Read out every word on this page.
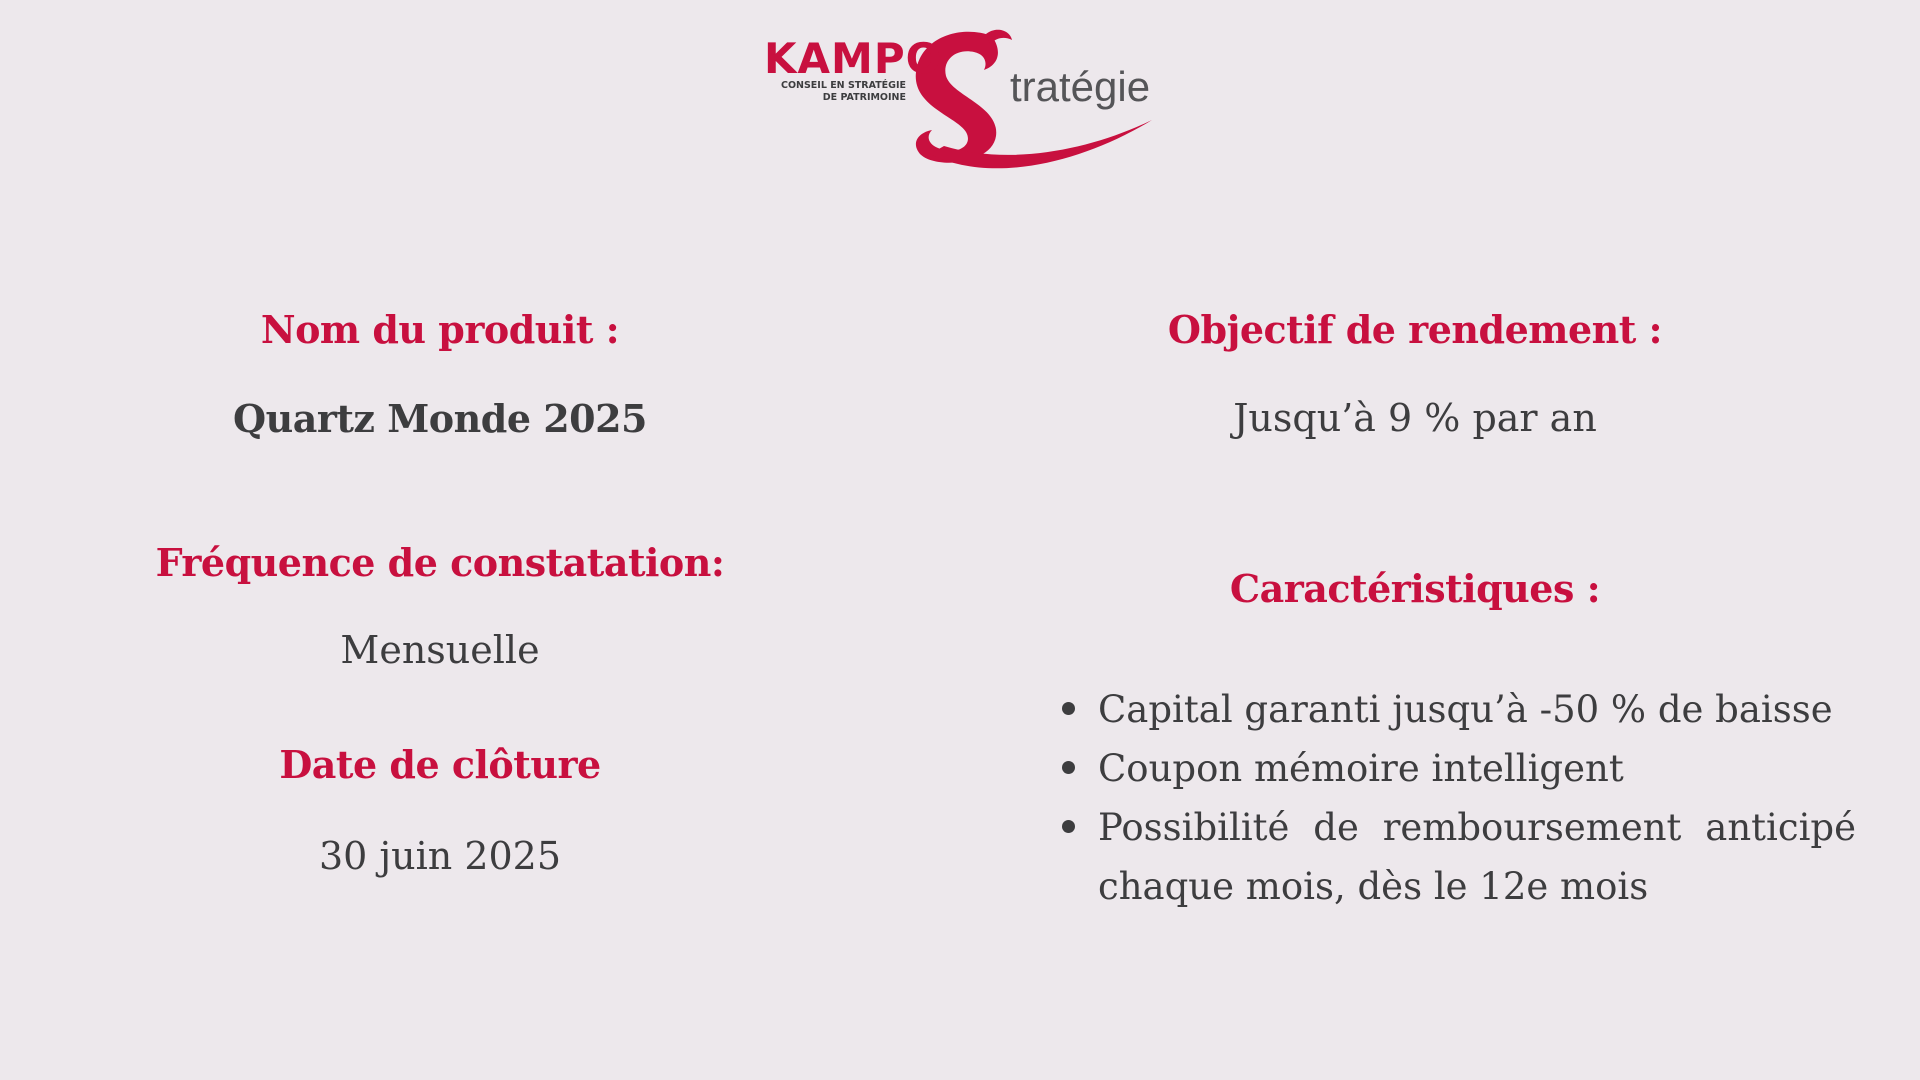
KAMPO
CONSEIL EN STRATÉGIE
DE PATRIMOINE tratégie
Nom du produit :
Quartz Monde 2025
Fréquence de constatation:
Mensuelle
Date de clôture
30 juin 2025
Objectif de rendement :
Jusqu’à 9 % par an
Caractéristiques :
Capital garanti jusqu’à -50 % de baisse
Coupon mémoire intelligent
Possibilité de remboursement anticipé chaque mois, dès le 12e mois
